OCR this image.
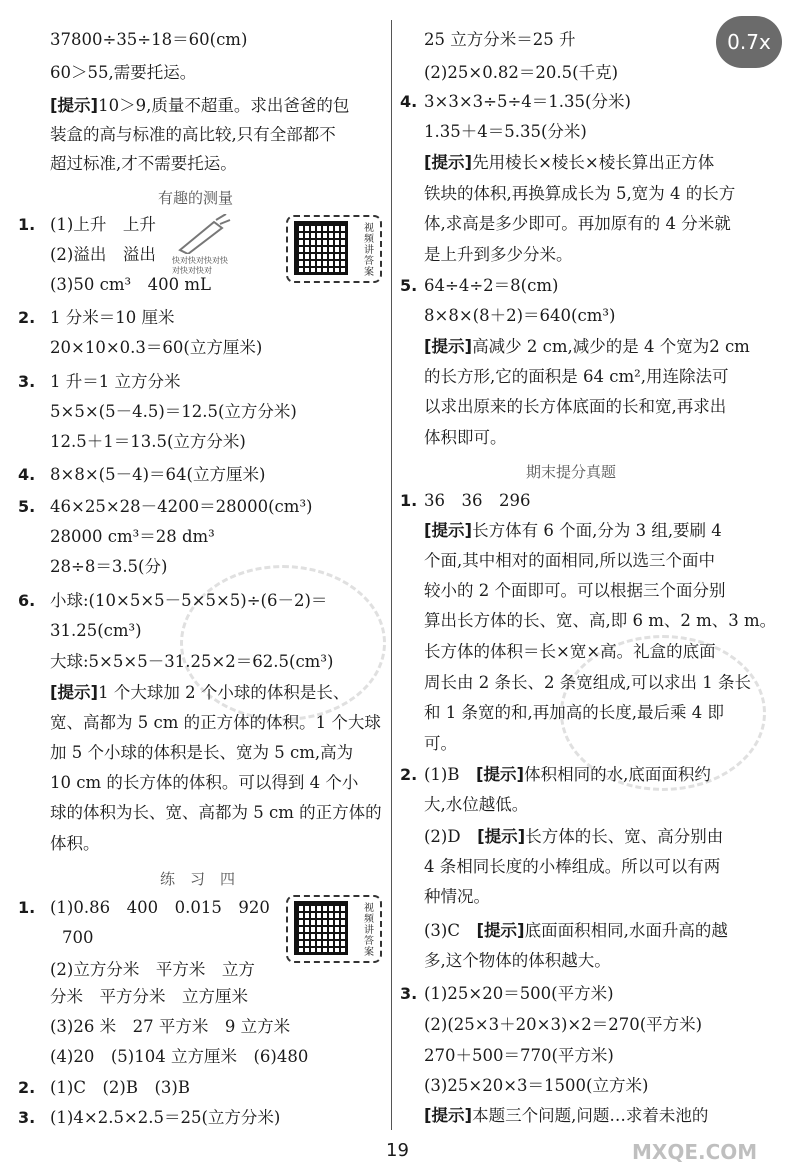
0.7x
37800÷35÷18＝60(cm)
60＞55,需要托运。
[提示]10＞9,质量不超重。求出爸爸的包
装盒的高与标准的高比较,只有全部都不
超过标准,才不需要托运。
有趣的测量
快对快对快对快对快对快对
视频讲答案
1. (1)上升　上升
(2)溢出　溢出
(3)50 cm³　400 mL
2. 1 分米＝10 厘米
20×10×0.3＝60(立方厘米)
3. 1 升＝1 立方分米
5×5×(5－4.5)＝12.5(立方分米)
12.5＋1＝13.5(立方分米)
4. 8×8×(5－4)＝64(立方厘米)
5. 46×25×28－4200＝28000(cm³)
28000 cm³＝28 dm³
28÷8＝3.5(分)
6. 小球:(10×5×5－5×5×5)÷(6－2)＝
31.25(cm³)
大球:5×5×5－31.25×2＝62.5(cm³)
[提示]1 个大球加 2 个小球的体积是长、
宽、高都为 5 cm 的正方体的体积。1 个大球
加 5 个小球的体积是长、宽为 5 cm,高为
10 cm 的长方体的体积。可以得到 4 个小
球的体积为长、宽、高都为 5 cm 的正方体的
体积。
练　习　四
视频讲答案
1. (1)0.86　400　0.015　920
700
(2)立方分米　平方米　立方
分米　平方分米　立方厘米
(3)26 米　27 平方米　9 立方米
(4)20　(5)104 立方厘米　(6)480
2. (1)C　(2)B　(3)B
3. (1)4×2.5×2.5＝25(立方分米)
25 立方分米＝25 升
(2)25×0.82＝20.5(千克)
4. 3×3×3÷5÷4＝1.35(分米)
1.35＋4＝5.35(分米)
[提示]先用棱长×棱长×棱长算出正方体
铁块的体积,再换算成长为 5,宽为 4 的长方
体,求高是多少即可。再加原有的 4 分米就
是上升到多少分米。
5. 64÷4÷2＝8(cm)
8×8×(8＋2)＝640(cm³)
[提示]高减少 2 cm,减少的是 4 个宽为2 cm
的长方形,它的面积是 64 cm²,用连除法可
以求出原来的长方体底面的长和宽,再求出
体积即可。
期末提分真题
1. 36　36　296
[提示]长方体有 6 个面,分为 3 组,要刷 4
个面,其中相对的面相同,所以选三个面中
较小的 2 个面即可。可以根据三个面分别
算出长方体的长、宽、高,即 6 m、2 m、3 m。
长方体的体积＝长×宽×高。礼盒的底面
周长由 2 条长、2 条宽组成,可以求出 1 条长
和 1 条宽的和,再加高的长度,最后乘 4 即
可。
2. (1)B　[提示]体积相同的水,底面面积约
大,水位越低。
(2)D　[提示]长方体的长、宽、高分别由
4 条相同长度的小棒组成。所以可以有两
种情况。
(3)C　[提示]底面面积相同,水面升高的越
多,这个物体的体积越大。
3. (1)25×20＝500(平方米)
(2)(25×3＋20×3)×2＝270(平方米)
270＋500＝770(平方米)
(3)25×20×3＝1500(立方米)
[提示]本题三个问题,问题…求着未池的
MXQE.COM
19
